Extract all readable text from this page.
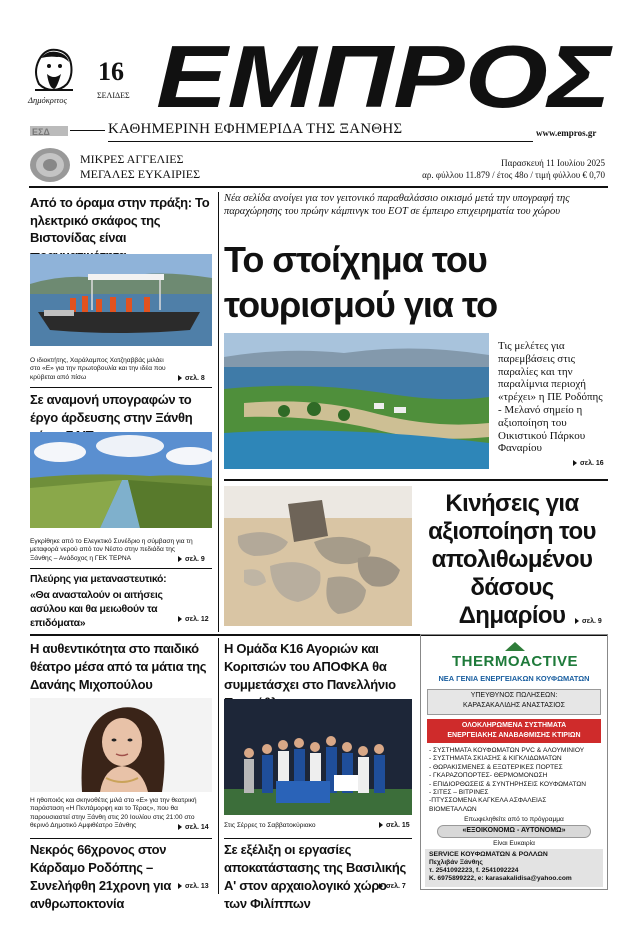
Δημόκριτος
16
ΣΕΛΙΔΕΣ ΕΜΠΡΟΣ
ΕΣΔ	ΚΑΘΗΜΕΡΙΝΗ ΕΦΗΜΕΡΙΔΑ ΤΗΣ ΞΑΝΘΗΣ	www.empros.gr
ΜΙΚΡΕΣ ΑΓΓΕΛΙΕΣ
ΜΕΓΑΛΕΣ ΕΥΚΑΙΡΙΕΣ
Παρασκευή 11 Ιουλίου 2025
αρ. φύλλου 11.879 / έτος 48ο / τιμή φύλλου € 0,70
Από το όραμα στην πράξη: Το ηλεκτρικό σκάφος της Βιστονίδας είναι
Ο ιδιοκτήτης, Χαράλαμπος Χατζηαββάς μιλάει στο «Ε» για την πρωτοβουλία και την ιδέα που κρύβεται από πίσω	σελ. 8
Σε αναμονή υπογραφών το έργο άρδευσης στην Ξάνθη
Εγκρίθηκε από το Ελεγκτικό Συνέδριο η σύμβαση για τη μεταφορά νερού από τον Νέστο στην πεδιάδα της Ξάνθης – Ανάδοχος η ΓΕΚ ΤΕΡΝΑ	σελ. 9
Πλεύρης για μεταναστευτικό:
«Θα ανασταλούν οι αιτήσεις ασύλου και θα μειωθούν τα επιδόματα»	σελ. 12
Νέα σελίδα ανοίγει για τον γειτονικό παραθαλάσσιο οικισμό μετά την υπογραφή της παραχώρησης του πρώην κάμπινγκ του ΕΟΤ σε έμπειρο επιχειρηματία του χώρου
Το στοίχημα του τουρισμού για το
Τις μελέτες για παρεμβάσεις στις παραλίες και την παραλίμνια περιοχή «τρέχει» η ΠΕ Ροδόπης - Μελανό σημείο η αξιοποίηση του Οικιστικού Πάρκου Φαναρίου
σελ. 16
Κινήσεις για αξιοποίηση του απολιθωμένου δάσους Δημαρίου	σελ. 9
Η αυθεντικότητα στο παιδικό θέατρο μέσα από τα μάτια της Δανάης Μιχοπούλου
Η ηθοποιός και σκηνοθέτις μιλά στο «Ε» για την θεατρική παράσταση «Η Πεντάμορφη και το Τέρας», που θα παρουσιαστεί στην Ξάνθη στις 20 Ιουλίου στις 21:00 στο θερινό Δημοτικό Αμφιθέατρο Ξάνθης	σελ. 14
Η Ομάδα Κ16 Αγοριών και Κοριτσιών του ΑΠΟΦΚΑ θα συμμετάσχει στο Πανελλήνιο
Στις Σέρρες το Σαββατοκύριακο	σελ. 15
Νεκρός 66χρονος στον Κάρδαμο Ροδόπης – Συνελήφθη 21χρονη για ανθρωποκτονία
σελ. 13
Σε εξέλιξη οι εργασίες αποκατάστασης της Βασιλικής Α' στον αρχαιολογικό χώρο των Φιλίππων
σελ. 7
THERMOACTIVE
ΝΕΑ ΓΕΝΙΑ ΕΝΕΡΓΕΙΑΚΩΝ ΚΟΥΦΩΜΑΤΩΝ
ΥΠΕΥΘΥΝΟΣ ΠΩΛΗΣΕΩΝ:
ΚΑΡΑΣΑΚΑΛΙΔΗΣ ΑΝΑΣΤΑΣΙΟΣ
ΟΛΟΚΛΗΡΩΜΕΝΑ ΣΥΣΤΗΜΑΤΑ
ΕΝΕΡΓΕΙΑΚΗΣ ΑΝΑΒΑΘΜΙΣΗΣ ΚΤΙΡΙΩΝ
- ΣΥΣΤΗΜΑΤΑ ΚΟΥΦΩΜΑΤΩΝ PVC & ΑΛΟΥΜΙΝΙΟΥ
- ΣΥΣΤΗΜΑΤΑ ΣΚΙΑΣΗΣ & ΚΙΓΚΛΙΔΩΜΑΤΩΝ
- ΘΩΡΑΚΙΣΜΕΝΕΣ & ΕΞΩΤΕΡΙΚΕΣ ΠΟΡΤΕΣ
- ΓΚΑΡΑΖΟΠΟΡΤΕΣ- ΘΕΡΜΟΜΟΝΩΣΗ
- ΕΠΙΔΙΟΡΘΩΣΕΙΣ & ΣΥΝΤΗΡΗΣΕΙΣ ΚΟΥΦΩΜΑΤΩΝ
- ΣΙΤΕΣ – ΒΙΤΡΙΝΕΣ
-ΠΤΥΣΣΟΜΕΝΑ ΚΑΓΚΕΛΑ ΑΣΦΑΛΕΙΑΣ
ΒΙΟΜΕΤΑΛΛΩΝ
Επωφεληθείτε από το πρόγραμμα
«ΕΞΟΙΚΟΝΟΜΩ - ΑΥΤΟΝΟΜΩ»
Είναι Ευκαιρία
SERVICE ΚΟΥΦΩΜΑΤΩΝ & ΡΟΛΛΩΝ
Πεχλιβάν Ξάνθης
τ. 2541092223, f. 2541092224
Κ. 6975899222, e: karasakalidisa@yahoo.com
